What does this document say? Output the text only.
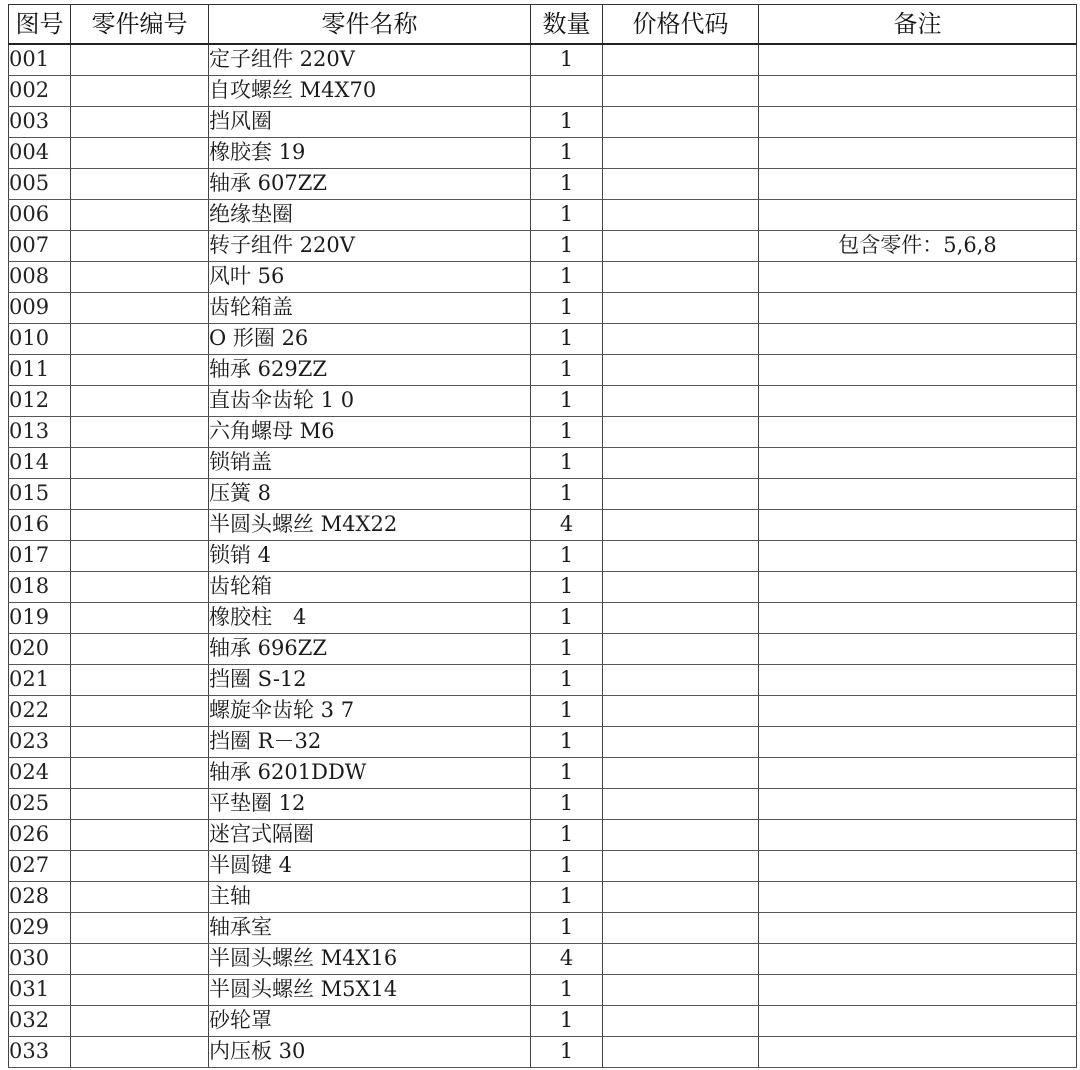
图号	零件编号	零件名称	数量	价格代码	备注
001		定子组件 220V	1		
002		自攻螺丝 M4X70			
003		挡风圈	1		
004		橡胶套 19	1		
005		轴承 607ZZ	1		
006		绝缘垫圈	1		
007		转子组件 220V	1		包含零件：5,6,8
008		风叶 56	1		
009		齿轮箱盖	1		
010		O 形圈 26	1		
011		轴承 629ZZ	1		
012		直齿伞齿轮 1 0	1		
013		六角螺母 M6	1		
014		锁销盖	1		
015		压簧 8	1		
016		半圆头螺丝 M4X22	4		
017		锁销 4	1		
018		齿轮箱	1		
019		橡胶柱　4	1		
020		轴承 696ZZ	1		
021		挡圈 S-12	1		
022		螺旋伞齿轮 3 7	1		
023		挡圈 R－32	1		
024		轴承 6201DDW	1		
025		平垫圈 12	1		
026		迷宫式隔圈	1		
027		半圆键 4	1		
028		主轴	1		
029		轴承室	1		
030		半圆头螺丝 M4X16	4		
031		半圆头螺丝 M5X14	1		
032		砂轮罩	1		
033		内压板 30	1		
